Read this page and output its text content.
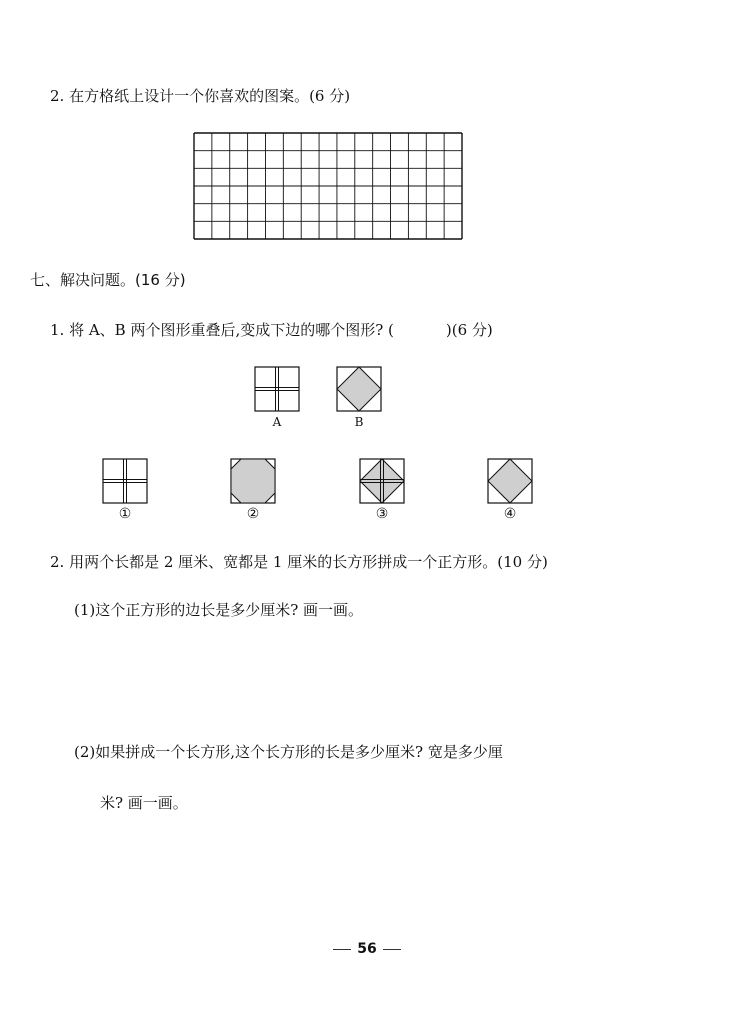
2. 在方格纸上设计一个你喜欢的图案。(6 分)
七、解决问题。(16 分)
1. 将 A、B 两个图形重叠后,变成下边的哪个图形? (	)(6 分)
A	B
①	②	③	④
2. 用两个长都是 2 厘米、宽都是 1 厘米的长方形拼成一个正方形。(10 分)
(1)这个正方形的边长是多少厘米? 画一画。
(2)如果拼成一个长方形,这个长方形的长是多少厘米? 宽是多少厘
米? 画一画。
56
